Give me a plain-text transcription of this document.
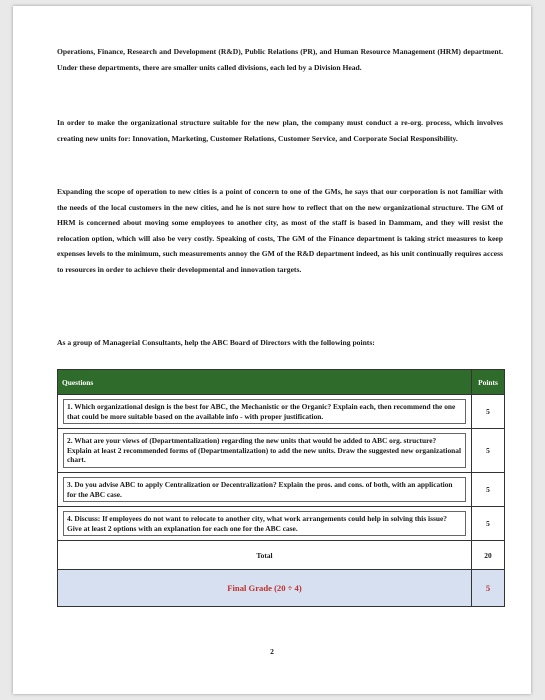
Operations, Finance, Research and Development (R&D), Public Relations (PR), and Human Resource Management (HRM) department. Under these departments, there are smaller units called divisions, each led by a Division Head.

In order to make the organizational structure suitable for the new plan, the company must conduct a re-org. process, which involves creating new units for: Innovation, Marketing, Customer Relations, Customer Service, and Corporate Social Responsibility.

Expanding the scope of operation to new cities is a point of concern to one of the GMs, he says that our corporation is not familiar with the needs of the local customers in the new cities, and he is not sure how to reflect that on the new organizational structure. The GM of HRM is concerned about moving some employees to another city, as most of the staff is based in Dammam, and they will resist the relocation option, which will also be very costly. Speaking of costs, The GM of the Finance department is taking strict measures to keep expenses levels to the minimum, such measurements annoy the GM of the R&D department indeed, as his unit continually requires access to resources in order to achieve their developmental and innovation targets.

As a group of Managerial Consultants, help the ABC Board of Directors with the following points:

Questions	Points

1. Which organizational design is the best for ABC, the Mechanistic or the Organic? Explain each, then recommend the one that could be more suitable based on the available info - with proper justification.	5

2. What are your views of (Departmentalization) regarding the new units that would be added to ABC org. structure? Explain at least 2 recommended forms of (Departmentalization) to add the new units. Draw the suggested new organizational chart.	5

3. Do you advise ABC to apply Centralization or Decentralization? Explain the pros. and cons. of both, with an application for the ABC case.	5

4. Discuss: If employees do not want to relocate to another city, what work arrangements could help in solving this issue? Give at least 2 options with an explanation for each one for the ABC case.	5
Total	20
Final Grade (20 ÷ 4)	5
2
